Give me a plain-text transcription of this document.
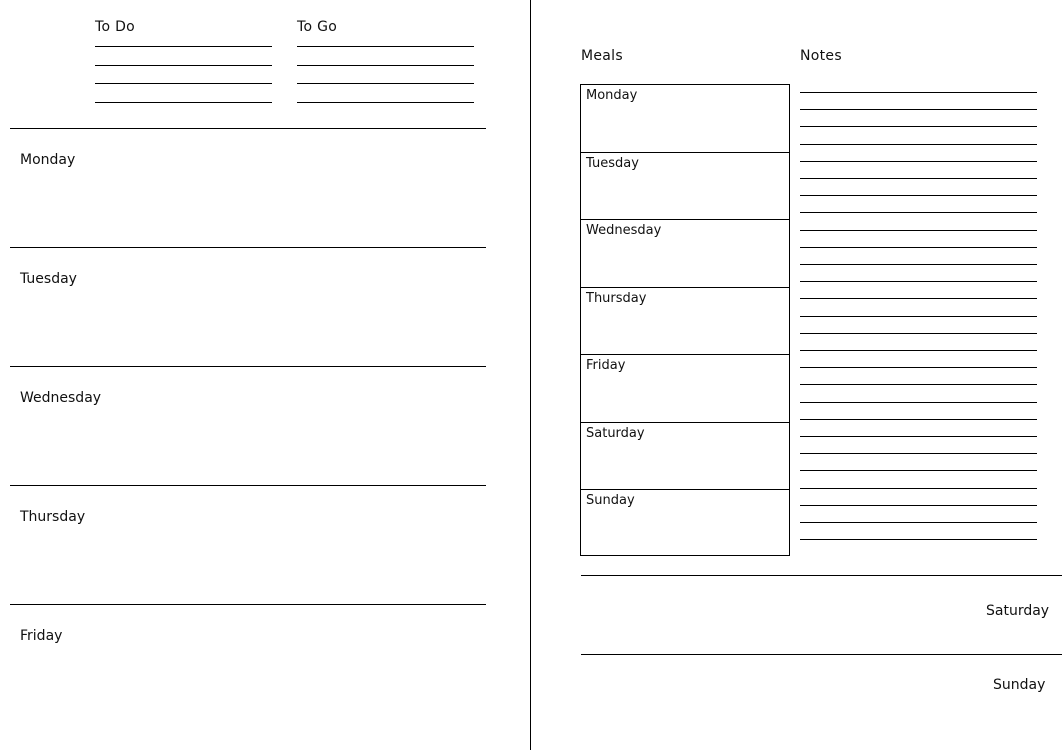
To Do	To Go
Monday
Tuesday
Wednesday
Thursday
Friday
Meals	Notes
Monday
Tuesday
Wednesday
Thursday
Friday
Saturday
Sunday
Saturday
Sunday
